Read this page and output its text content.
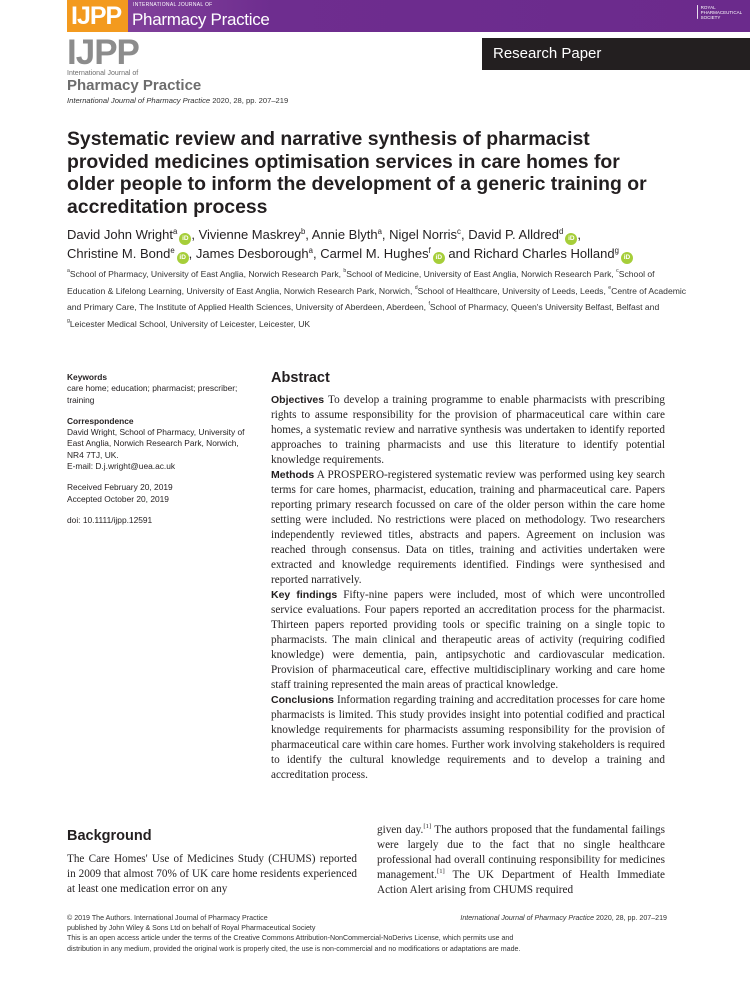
IJPP INTERNATIONAL JOURNAL OF
Pharmacy Practice
ROYAL PHARMACEUTICAL SOCIETY
Research Paper
IJPP
International Journal of
Pharmacy Practice
International Journal of Pharmacy Practice 2020, 28, pp. 207–219
Systematic review and narrative synthesis of pharmacist provided medicines optimisation services in care homes for older people to inform the development of a generic training or accreditation process
David John Wright$^a$iD , Vivienne Maskrey$^b$, Annie Blyth$^a$, Nigel Norris$^c$, David P. Alldred$^d$iD ,
Christine M. Bond$^e$iD , James Desborough$^a$, Carmel M. Hughes$^f$iD and Richard Charles Holland$^g$iD
$^a$School of Pharmacy, University of East Anglia, Norwich Research Park, $^b$School of Medicine, University of East Anglia, Norwich Research Park, $^c$School of Education & Lifelong Learning, University of East Anglia, Norwich Research Park, Norwich, $^d$School of Healthcare, University of Leeds, Leeds, $^e$Centre of Academic and Primary Care, The Institute of Applied Health Sciences, University of Aberdeen, Aberdeen, $^f$School of Pharmacy, Queen's University Belfast, Belfast and $^g$Leicester Medical School, University of Leicester, Leicester, UK
Keywords
care home; education; pharmacist; prescriber; training
Correspondence
David Wright, School of Pharmacy, University of East Anglia, Norwich Research Park, Norwich, NR4 7TJ, UK.
E-mail: D.j.wright@uea.ac.uk
Received February 20, 2019
Accepted October 20, 2019
doi: 10.1111/ijpp.12591
Abstract

Objectives To develop a training programme to enable pharmacists with prescribing rights to assume responsibility for the provision of pharmaceutical care within care homes, a systematic review and narrative synthesis was undertaken to identify reported approaches to training pharmacists and use this literature to identify potential knowledge requirements.

Methods A PROSPERO-registered systematic review was performed using key search terms for care homes, pharmacist, education, training and pharmaceutical care. Papers reporting primary research focussed on care of the older person within the care home setting were included. No restrictions were placed on methodology. Two researchers independently reviewed titles, abstracts and papers. Agreement on inclusion was reached through consensus. Data on titles, training and activities undertaken were extracted and knowledge requirements identified. Findings were synthesised and reported narratively.

Key findings Fifty-nine papers were included, most of which were uncontrolled service evaluations. Four papers reported an accreditation process for the pharmacist. Thirteen papers reported providing tools or specific training on a single topic to pharmacists. The main clinical and therapeutic areas of activity (requiring codified knowledge) were dementia, pain, antipsychotic and cardiovascular medication. Provision of pharmaceutical care, effective multidisciplinary working and care home staff training represented the main areas of practical knowledge.

Conclusions Information regarding training and accreditation processes for care home pharmacists is limited. This study provides insight into potential codified and practical knowledge requirements for pharmacists assuming responsibility for the provision of pharmaceutical care within care homes. Further work involving stakeholders is required to identify the cultural knowledge requirements and to develop a training and accreditation process.

Background

The Care Homes' Use of Medicines Study (CHUMS) reported in 2009 that almost 70% of UK care home residents experienced at least one medication error on any

given day.[1] The authors proposed that the fundamental failings were largely due to the fact that no single healthcare professional had overall continuing responsibility for medicines management.[1] The UK Department of Health Immediate Action Alert arising from CHUMS required

© 2019 The Authors. International Journal of Pharmacy Practice
published by John Wiley & Sons Ltd on behalf of Royal Pharmaceutical Society
This is an open access article under the terms of the Creative Commons Attribution-NonCommercial-NoDerivs License, which permits use and
distribution in any medium, provided the original work is properly cited, the use is non-commercial and no modifications or adaptations are made.
International Journal of Pharmacy Practice 2020, 28, pp. 207–219
